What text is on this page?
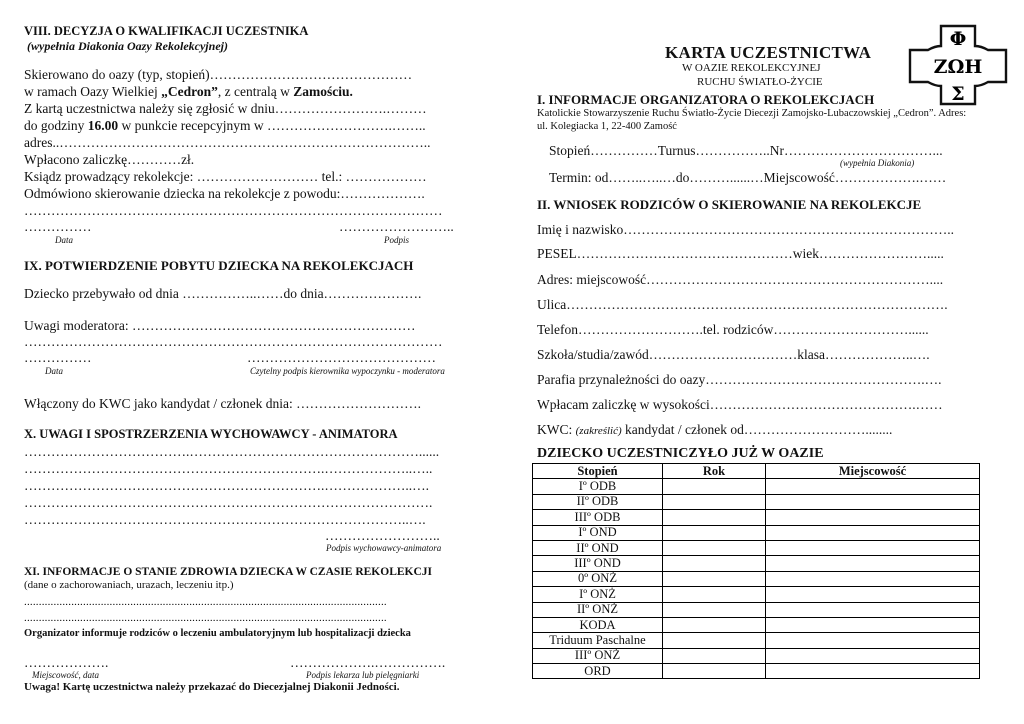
VIII. DECYZJA O KWALIFIKACJI UCZESTNIKA
(wypełnia Diakonia Oazy Rekolekcyjnej)
Skierowano do oazy (typ, stopień)………………………………………
w ramach Oazy Wielkiej „Cedron”, z centralą w Zamościu.
Z kartą uczestnictwa należy się zgłosić w dniu…………………….………
do godziny 16.00 w punkcie recepcyjnym w ……………………….……..
adres..………………………………………………………………………..
Wpłacono zaliczkę…………zł.
Ksiądz prowadzący rekolekcje: ……………………… tel.: ………………
Odmówiono skierowanie dziecka na rekolekcje z powodu:……………….
…………………………………………………………………………………
……………	……………………..
Data	Podpis
IX. POTWIERDZENIE POBYTU DZIECKA NA REKOLEKCJACH
Dziecko przebywało od dnia ……………..……do dnia………………….
Uwagi moderatora: ………………………………………………………
…………………………………………………………………………………
……………	……………………………………
Data	Czytelny podpis kierownika wypoczynku - moderatora
Włączony do KWC jako kandydat / członek dnia: ……………………….
X. UWAGI I SPOSTRZERZENIA WYCHOWAWCY - ANIMATORA
……………………………….……………………………………………......
………………………………………………………….………………..…..
………………………………………………………….………………..….
……………………………………………………………………………….
…………………………………………………………………………..….
……………………..
Podpis wychowawcy-animatora
XI. INFORMACJE O STANIE ZDROWIA DZIECKA W CZASIE REKOLEKCJI
(dane o zachorowaniach, urazach, leczeniu itp.)
...........................................................................................................................
...........................................................................................................................
Organizator informuje rodziców o leczeniu ambulatoryjnym lub hospitalizacji dziecka
……………….	……………….…………….
Miejscowość, data	Podpis lekarza lub pielęgniarki
Uwaga! Kartę uczestnictwa należy przekazać do Diecezjalnej Diakonii Jedności.
KARTA UCZESTNICTWA
W OAZIE REKOLEKCYJNEJ
RUCHU ŚWIATŁO-ŻYCIE
Φ
ΖΩΗ
Σ
I. INFORMACJE ORGANIZATORA O REKOLEKCJACH
Katolickie Stowarzyszenie Ruchu Światło-Życie Diecezji Zamojsko-Lubaczowskiej „Cedron”. Adres:
ul. Kolegiacka 1, 22-400 Zamość
Stopień……………Turnus……………..Nr……………………………...
(wypełnia Diakonia)
Termin: od……..…..…do………......…Miejscowość……………….……
II. WNIOSEK RODZICÓW O SKIEROWANIE NA REKOLEKCJE
Imię i nazwisko………………………………………………………………..
PESEL…………………………………………wiek…………………….....
Adres: miejscowość………………………………………………………....
Ulica………………………………………………………………………….
Telefon……………………….tel. rodziców…………………………......
Szkoła/studia/zawód……………………………klasa………………..….
Parafia przynależności do oazy………………………………………….….
Wpłacam zaliczkę w wysokości……………………………………….……
KWC: (zakreślić) kandydat / członek od………………………........
DZIECKO UCZESTNICZYŁO JUŻ W OAZIE
Stopień	Rok	Miejscowość
Iº ODB		
IIº ODB		
IIIº ODB		
Iº OND		
IIº OND		
IIIº OND		
0º ONŻ		
Iº ONŻ		
IIº ONŻ		
KODA		
Triduum Paschalne		
IIIº ONŻ		
ORD		
